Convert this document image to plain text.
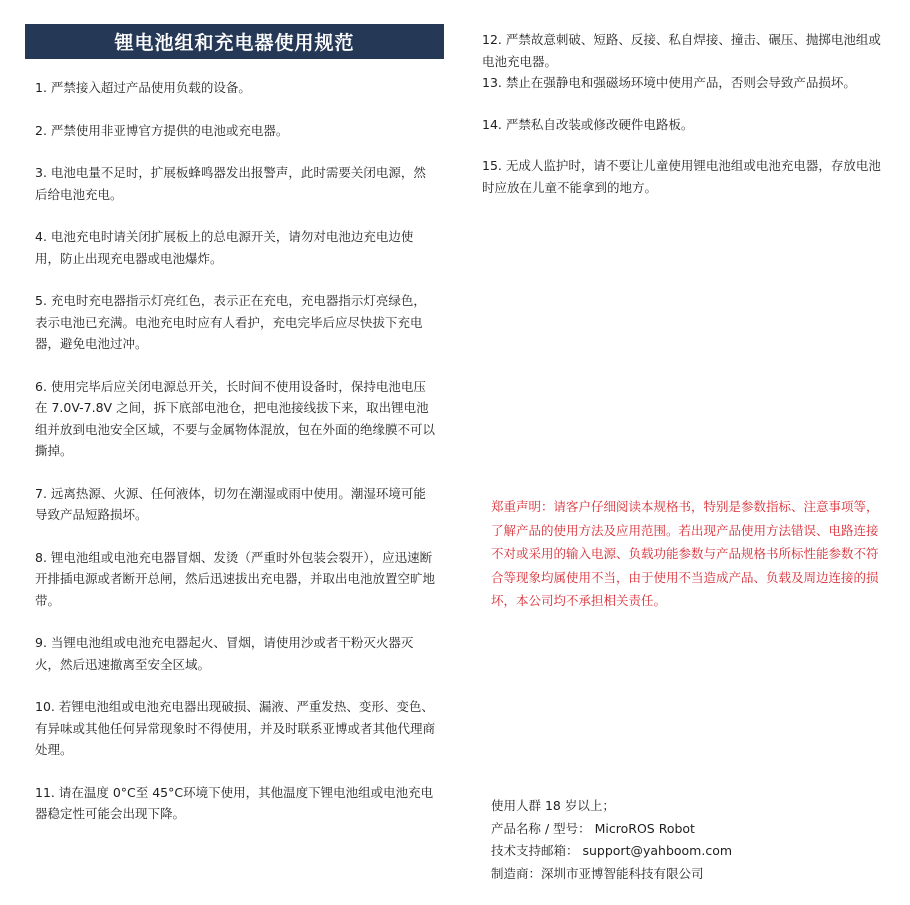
锂电池组和充电器使用规范

1. 严禁接入超过产品使用负载的设备。

2. 严禁使用非亚博官方提供的电池或充电器。

3. 电池电量不足时，扩展板蜂鸣器发出报警声，此时需要关闭电源，然后给电池充电。

4. 电池充电时请关闭扩展板上的总电源开关，请勿对电池边充电边使用，防止出现充电器或电池爆炸。

5. 充电时充电器指示灯亮红色，表示正在充电，充电器指示灯亮绿色，表示电池已充满。电池充电时应有人看护，充电完毕后应尽快拔下充电器，避免电池过冲。

6. 使用完毕后应关闭电源总开关，长时间不使用设备时，保持电池电压在 7.0V-7.8V 之间，拆下底部电池仓，把电池接线拔下来，取出锂电池组并放到电池安全区域，不要与金属物体混放，包在外面的绝缘膜不可以撕掉。

7. 远离热源、火源、任何液体，切勿在潮湿或雨中使用。潮湿环境可能导致产品短路损坏。

8. 锂电池组或电池充电器冒烟、发烫（严重时外包装会裂开），应迅速断开排插电源或者断开总闸，然后迅速拔出充电器，并取出电池放置空旷地带。

9. 当锂电池组或电池充电器起火、冒烟，请使用沙或者干粉灭火器灭火，然后迅速撤离至安全区域。

10. 若锂电池组或电池充电器出现破损、漏液、严重发热、变形、变色、有异味或其他任何异常现象时不得使用，并及时联系亚博或者其他代理商处理。

11. 请在温度 0°C至 45°C环境下使用，其他温度下锂电池组或电池充电器稳定性可能会出现下降。

12. 严禁故意刺破、短路、反接、私自焊接、撞击、碾压、抛掷电池组或电池充电器。

13. 禁止在强静电和强磁场环境中使用产品，否则会导致产品损坏。

14. 严禁私自改装或修改硬件电路板。

15. 无成人监护时，请不要让儿童使用锂电池组或电池充电器，存放电池时应放在儿童不能拿到的地方。

郑重声明：请客户仔细阅读本规格书，特别是参数指标、注意事项等，了解产品的使用方法及应用范围。若出现产品使用方法错误、电路连接不对或采用的输入电源、负载功能参数与产品规格书所标性能参数不符合等现象均属使用不当，由于使用不当造成产品、负载及周边连接的损坏，本公司均不承担相关责任。

使用人群 18 岁以上；

产品名称 / 型号： MicroROS Robot

技术支持邮箱： support@yahboom.com

制造商：深圳市亚博智能科技有限公司
